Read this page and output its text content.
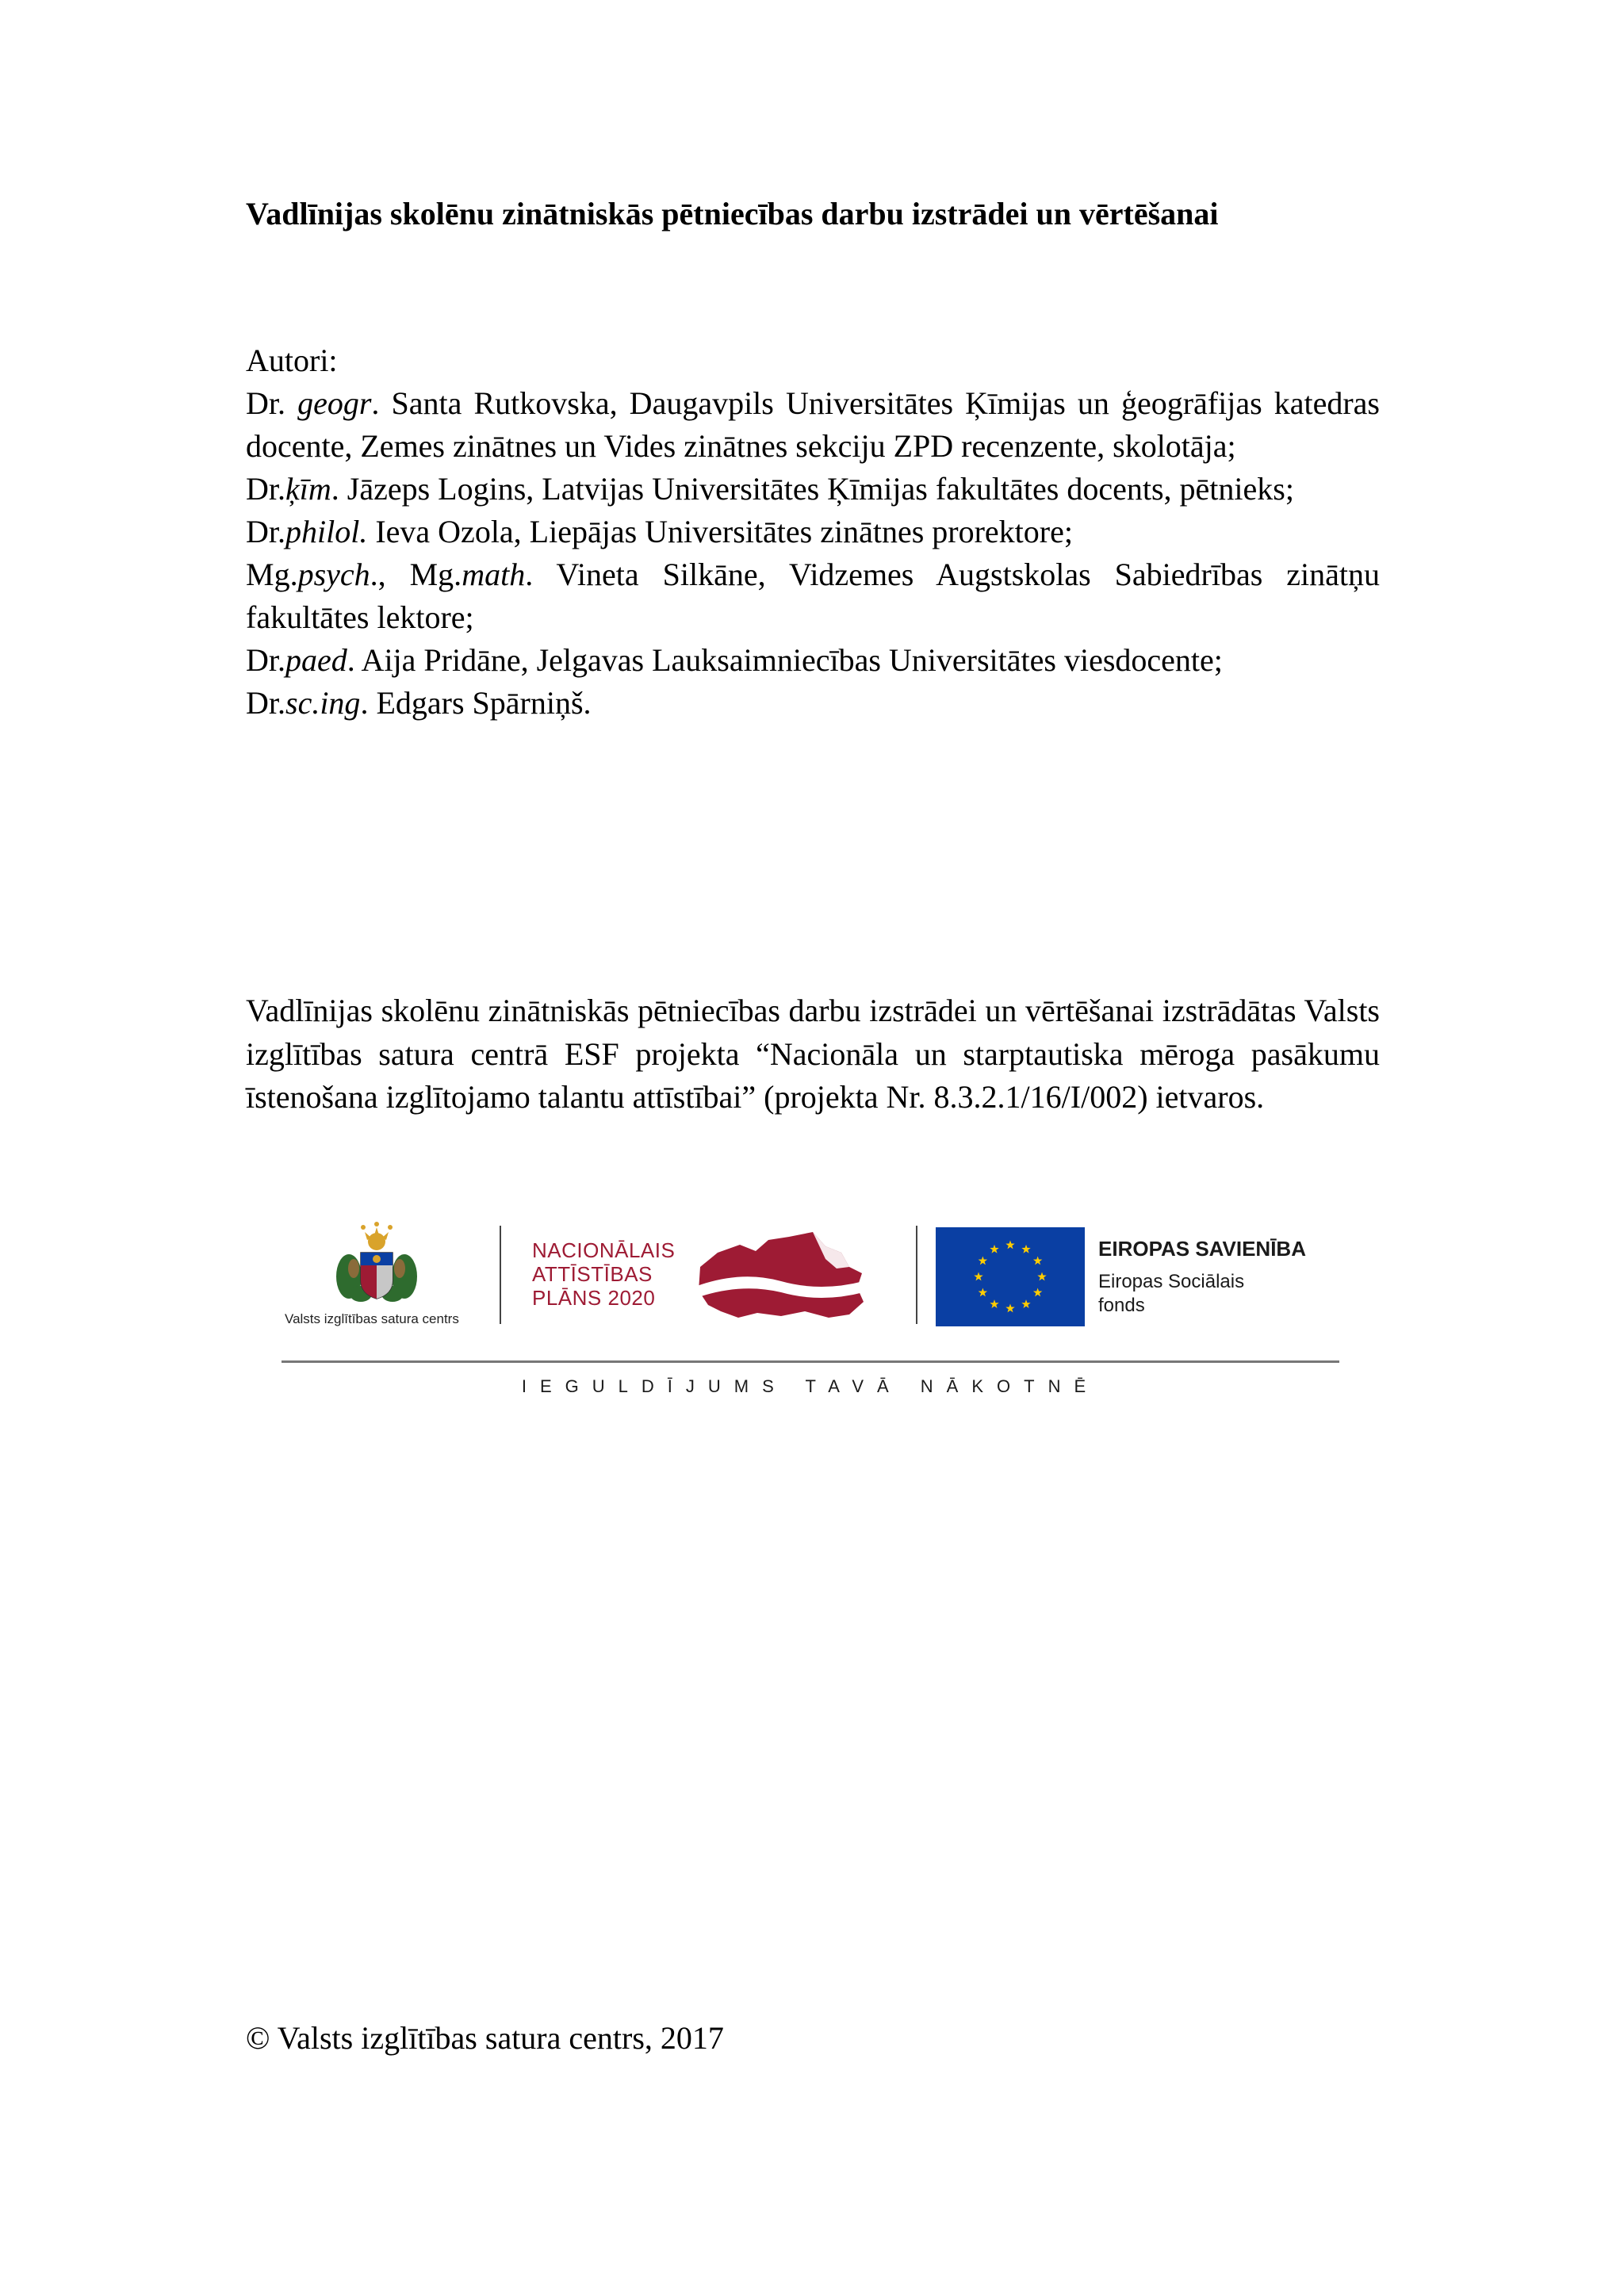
Vadlīnijas skolēnu zinātniskās pētniecības darbu izstrādei un vērtēšanai
Autori:
Dr. geogr. Santa Rutkovska, Daugavpils Universitātes Ķīmijas un ģeogrāfijas katedras
docente, Zemes zinātnes un Vides zinātnes sekciju ZPD recenzente, skolotāja;
Dr.ķīm. Jāzeps Logins, Latvijas Universitātes Ķīmijas fakultātes docents, pētnieks;
Dr.philol. Ieva Ozola, Liepājas Universitātes zinātnes prorektore;
Mg.psych., Mg.math. Vineta Silkāne, Vidzemes Augstskolas Sabiedrības zinātņu
fakultātes lektore;
Dr.paed. Aija Pridāne, Jelgavas Lauksaimniecības Universitātes viesdocente;
Dr.sc.ing. Edgars Spārniņš.
Vadlīnijas skolēnu zinātniskās pētniecības darbu izstrādei un vērtēšanai izstrādātas Valsts izglītības satura centrā ESF projekta “Nacionāla un starptautiska mēroga pasākumu īstenošana izglītojamo talantu attīstībai” (projekta Nr. 8.3.2.1/16/I/002) ietvaros.
Valsts izglītības satura centrs
NACIONĀLAIS
ATTĪSTĪBAS
PLĀNS 2020
EIROPAS SAVIENĪBA
Eiropas Sociālais
fonds
IEGULDĪJUMS TAVĀ NĀKOTNĒ
© Valsts izglītības satura centrs, 2017
